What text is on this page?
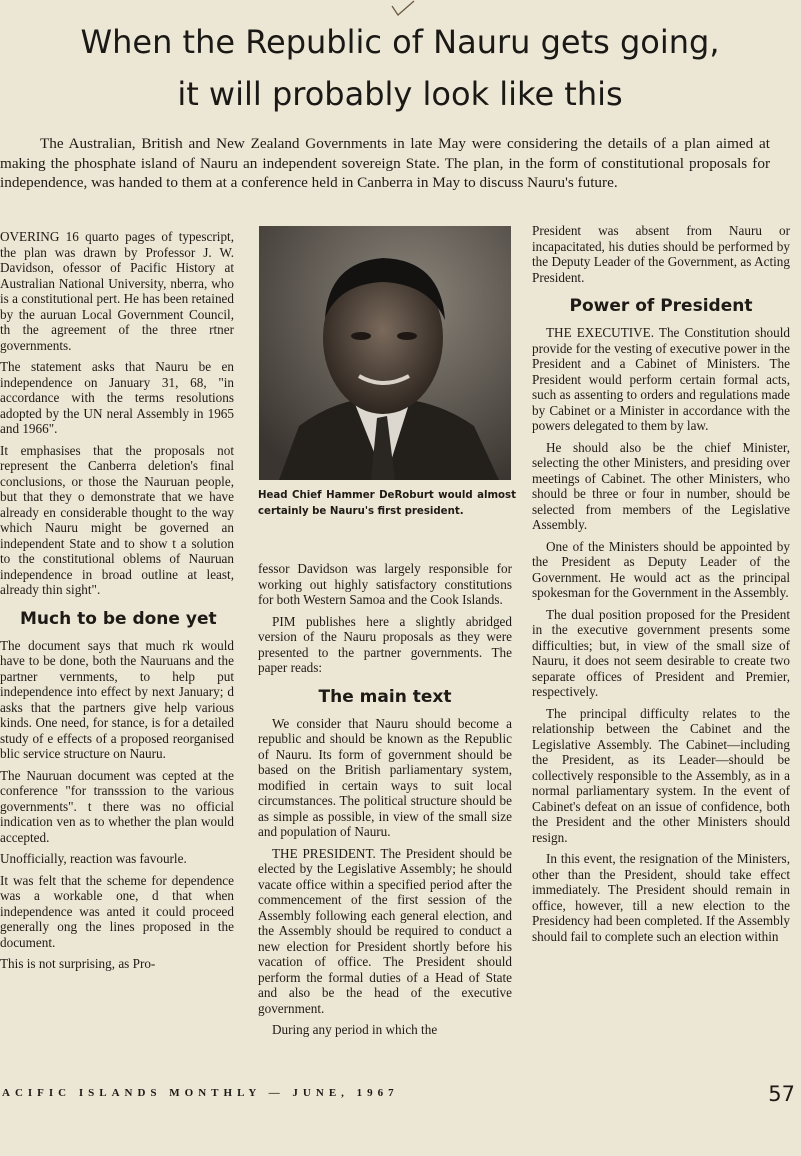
When the Republic of Nauru gets going,
it will probably look like this

The Australian, British and New Zealand Governments in late May were considering the details of a plan aimed at making the phosphate island of Nauru an independent sovereign State. The plan, in the form of constitutional proposals for independence, was handed to them at a conference held in Canberra in May to discuss Nauru's future.

OVERING 16 quarto pages of typescript, the plan was drawn by Professor J. W. Davidson, ofessor of Pacific History at Australian National University, nberra, who is a constitutional pert. He has been retained by the auruan Local Government Council, th the agreement of the three rtner governments.

The statement asks that Nauru be en independence on January 31, 68, "in accordance with the terms resolutions adopted by the UN neral Assembly in 1965 and 1966".

It emphasises that the proposals not represent the Canberra deletion's final conclusions, or those the Nauruan people, but that they o demonstrate that we have already en considerable thought to the way which Nauru might be governed an independent State and to show t a solution to the constitutional oblems of Nauruan independence in broad outline at least, already thin sight".

Much to be done yet

The document says that much rk would have to be done, both the Nauruans and the partner vernments, to help put independence into effect by next January; d asks that the partners give help various kinds. One need, for stance, is for a detailed study of e effects of a proposed reorganised blic service structure on Nauru.

The Nauruan document was cepted at the conference "for transssion to the various governments". t there was no official indication ven as to whether the plan would accepted.

Unofficially, reaction was favourle.

It was felt that the scheme for dependence was a workable one, d that when independence was anted it could proceed generally ong the lines proposed in the document.

This is not surprising, as Pro-

Head Chief Hammer DeRoburt would almost certainly be Nauru's first president.

fessor Davidson was largely responsible for working out highly satisfactory constitutions for both Western Samoa and the Cook Islands.

PIM publishes here a slightly abridged version of the Nauru proposals as they were presented to the partner governments. The paper reads:

The main text

We consider that Nauru should become a republic and should be known as the Republic of Nauru. Its form of government should be based on the British parliamentary system, modified in certain ways to suit local circumstances. The political structure should be as simple as possible, in view of the small size and population of Nauru.

THE PRESIDENT. The President should be elected by the Legislative Assembly; he should vacate office within a specified period after the commencement of the first session of the Assembly following each general election, and the Assembly should be required to conduct a new election for President shortly before his vacation of office. The President should perform the formal duties of a Head of State and also be the head of the executive government.

During any period in which the

President was absent from Nauru or incapacitated, his duties should be performed by the Deputy Leader of the Government, as Acting President.

Power of President

THE EXECUTIVE. The Constitution should provide for the vesting of executive power in the President and a Cabinet of Ministers. The President would perform certain formal acts, such as assenting to orders and regulations made by Cabinet or a Minister in accordance with the powers delegated to them by law.

He should also be the chief Minister, selecting the other Ministers, and presiding over meetings of Cabinet. The other Ministers, who should be three or four in number, should be selected from members of the Legislative Assembly.

One of the Ministers should be appointed by the President as Deputy Leader of the Government. He would act as the principal spokesman for the Government in the Assembly.

The dual position proposed for the President in the executive government presents some difficulties; but, in view of the small size of Nauru, it does not seem desirable to create two separate offices of President and Premier, respectively.

The principal difficulty relates to the relationship between the Cabinet and the Legislative Assembly. The Cabinet—including the President, as its Leader—should be collectively responsible to the Assembly, as in a normal parliamentary system. In the event of Cabinet's defeat on an issue of confidence, both the President and the other Ministers should resign.

In this event, the resignation of the Ministers, other than the President, should take effect immediately. The President should remain in office, however, till a new election to the Presidency had been completed. If the Assembly should fail to complete such an election within

ACIFIC ISLANDS MONTHLY — JUNE, 1967	57
